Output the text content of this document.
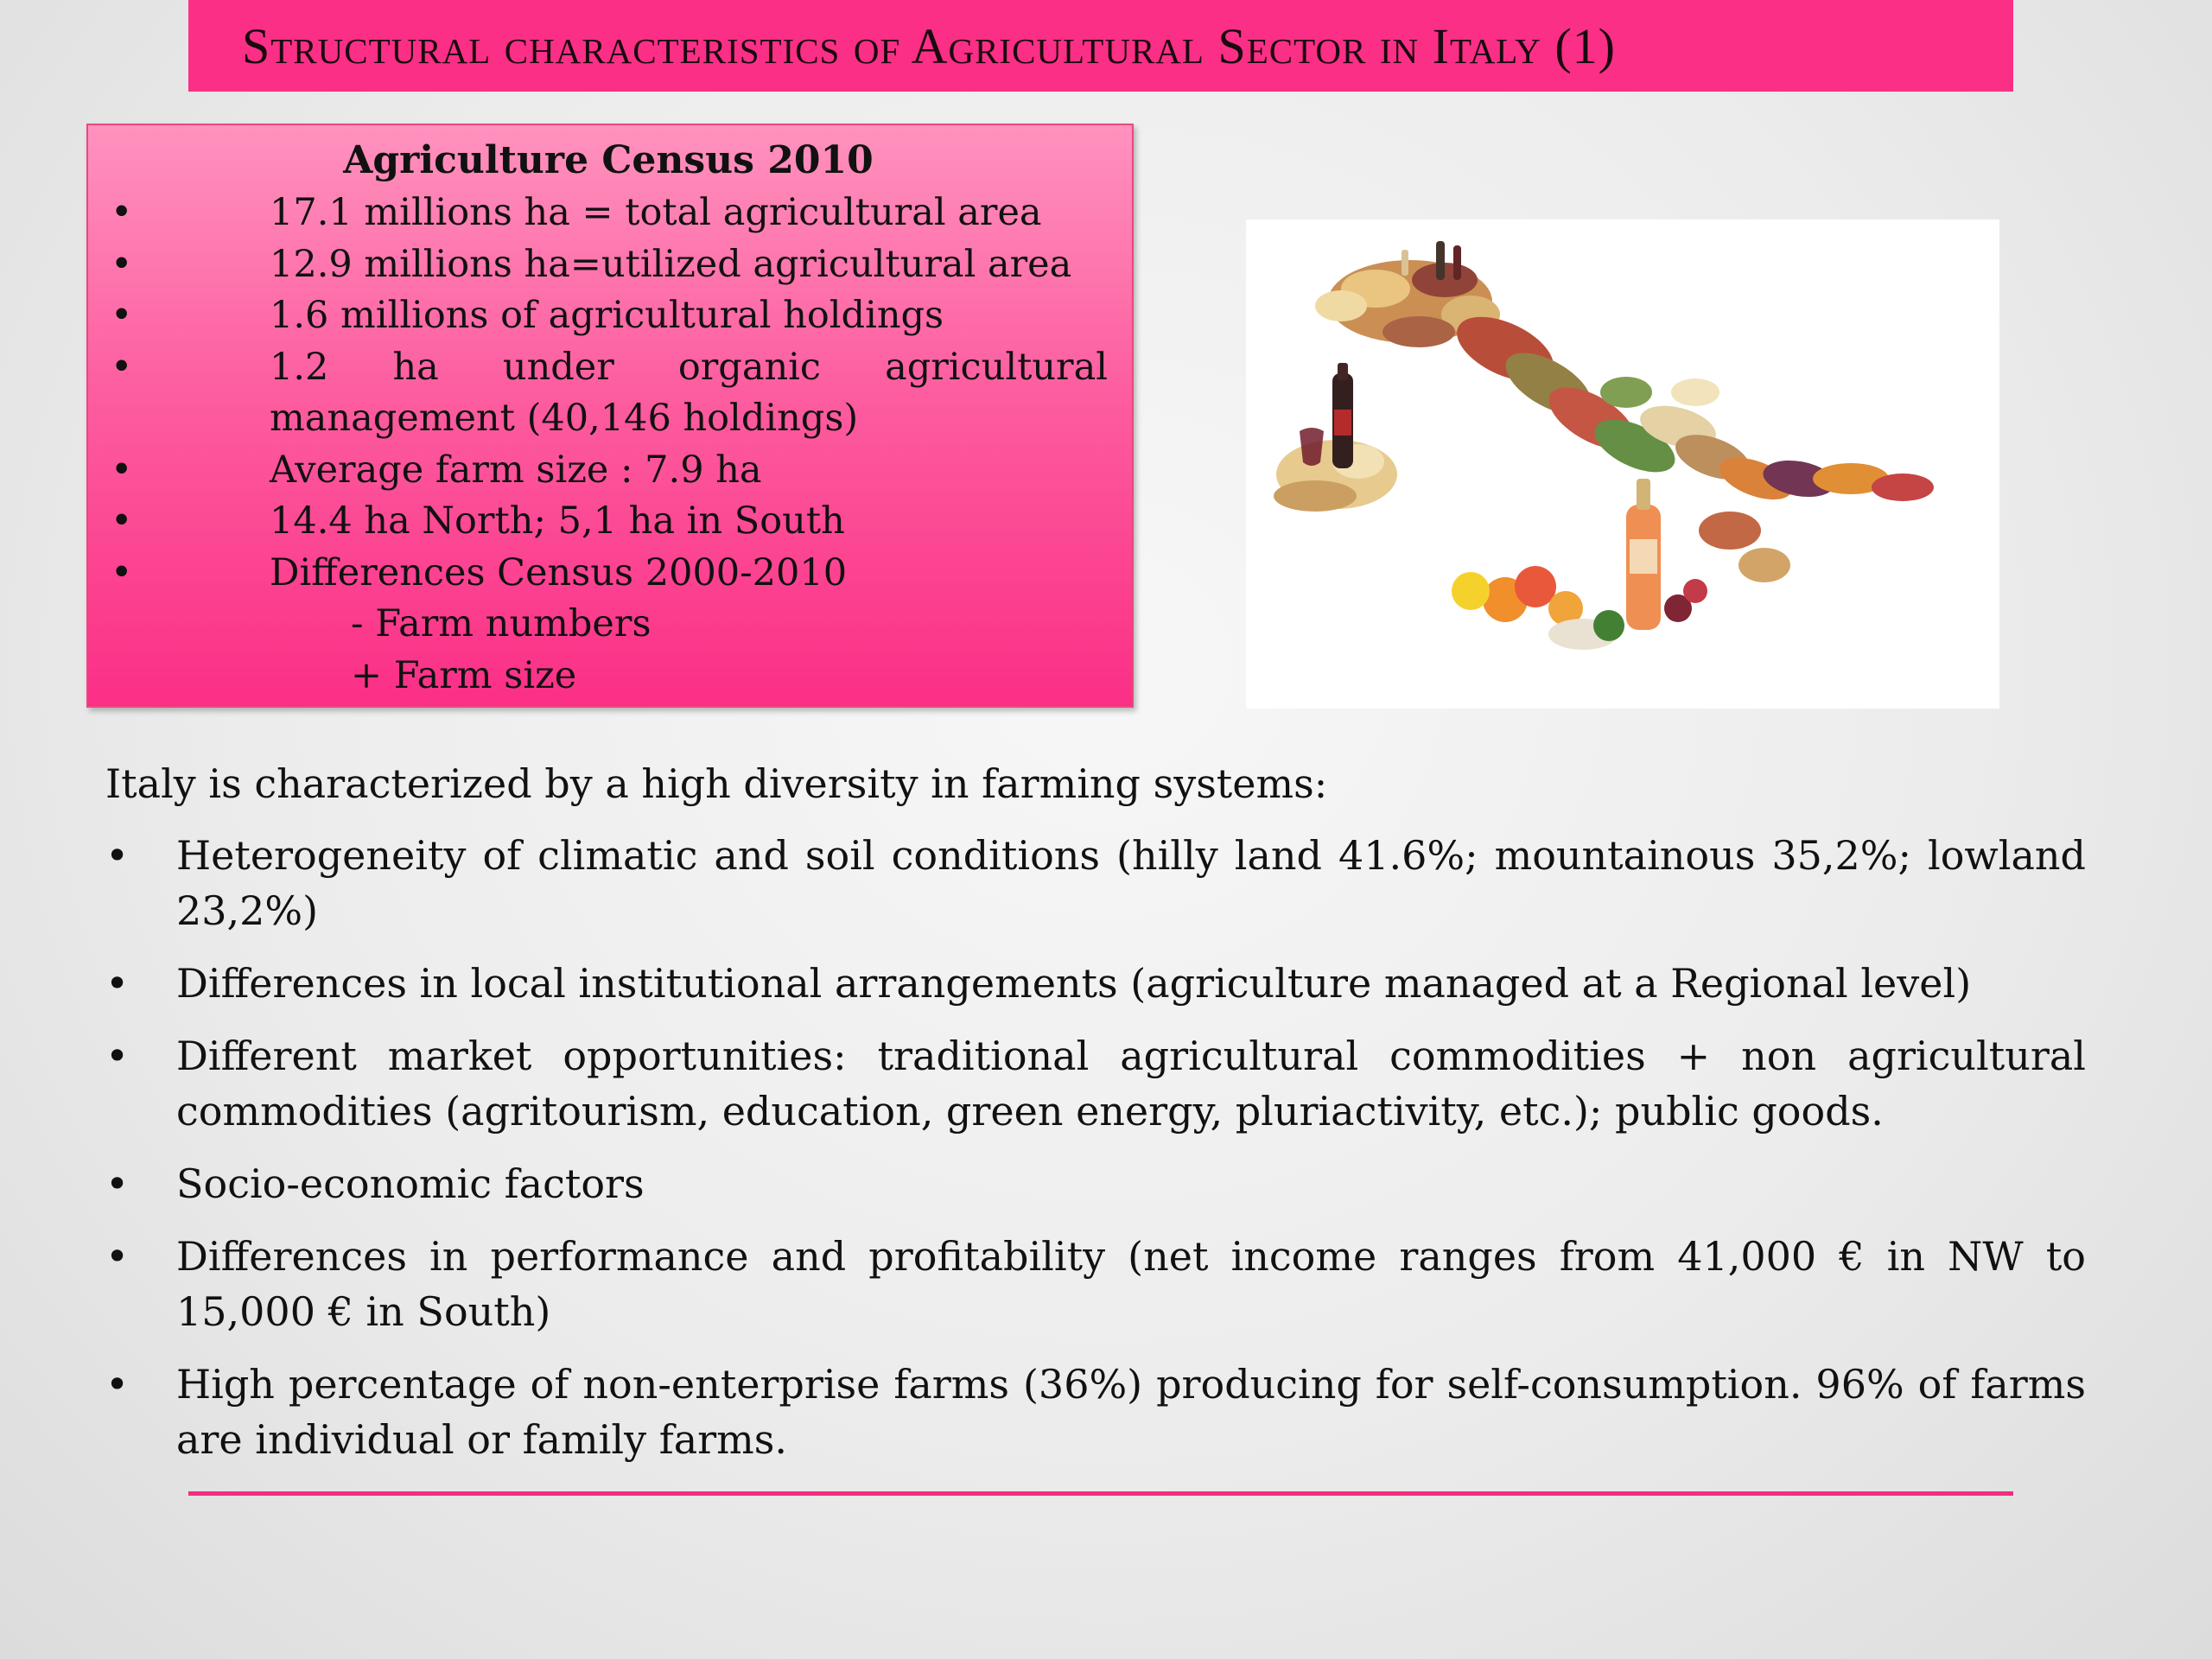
Structural characteristics of Agricultural Sector in Italy (1)
Agriculture Census 2010
• 17.1 millions ha = total agricultural area
• 12.9 millions ha=utilized agricultural area
• 1.6 millions of agricultural holdings
• 1.2 ha under organic agricultural management (40,146 holdings)
• Average farm size : 7.9 ha
• 14.4 ha North; 5,1 ha in South
• Differences Census 2000-2010
- Farm numbers
+ Farm size

Italy is characterized by a high diversity in farming systems:

• Heterogeneity of climatic and soil conditions (hilly land 41.6%; mountainous 35,2%; lowland 23,2%)
• Differences in local institutional arrangements (agriculture managed at a Regional level)
• Different market opportunities: traditional agricultural commodities + non agricultural commodities (agritourism, education, green energy, pluriactivity, etc.); public goods.
• Socio-economic factors
• Differences in performance and profitability (net income ranges from 41,000 € in NW to 15,000 € in South)
• High percentage of non-enterprise farms (36%) producing for self-consumption. 96% of farms are individual or family farms.
